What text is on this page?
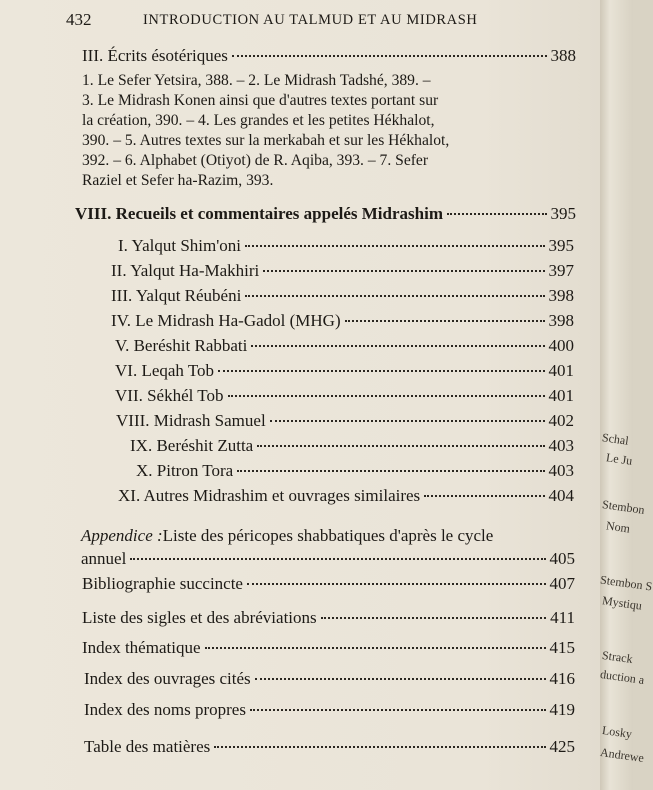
432	INTRODUCTION AU TALMUD ET AU MIDRASH
III. Écrits ésotériques	388
1. Le Sefer Yetsira, 388. – 2. Le Midrash Tadshé, 389. –
3. Le Midrash Konen ainsi que d'autres textes portant sur
la création, 390. – 4. Les grandes et les petites Hékhalot,
390. – 5. Autres textes sur la merkabah et sur les Hékhalot,
392. – 6. Alphabet (Otiyot) de R. Aqiba, 393. – 7. Sefer
Raziel et Sefer ha-Razim, 393.
VIII. Recueils et commentaires appelés Midrashim	395
I. Yalqut Shim'oni	395
II. Yalqut Ha-Makhiri	397
III. Yalqut Réubéni	398
IV. Le Midrash Ha-Gadol (MHG)	398
V. Beréshit Rabbati	400
VI. Leqah Tob	401
VII. Sékhél Tob	401
VIII. Midrash Samuel	402
IX. Beréshit Zutta	403
X. Pitron Tora	403
XI. Autres Midrashim et ouvrages similaires	404
Appendice : Liste des péricopes shabbatiques d'après le cycle
annuel	405
Bibliographie succincte	407
Liste des sigles et des abréviations	411
Index thématique	415
Index des ouvrages cités	416
Index des noms propres	419
Table des matières	425
Schal
Le Ju
Stembon
Nom
Stembon S
Mystiqu
Strack
duction a
Losky
Andrewe
